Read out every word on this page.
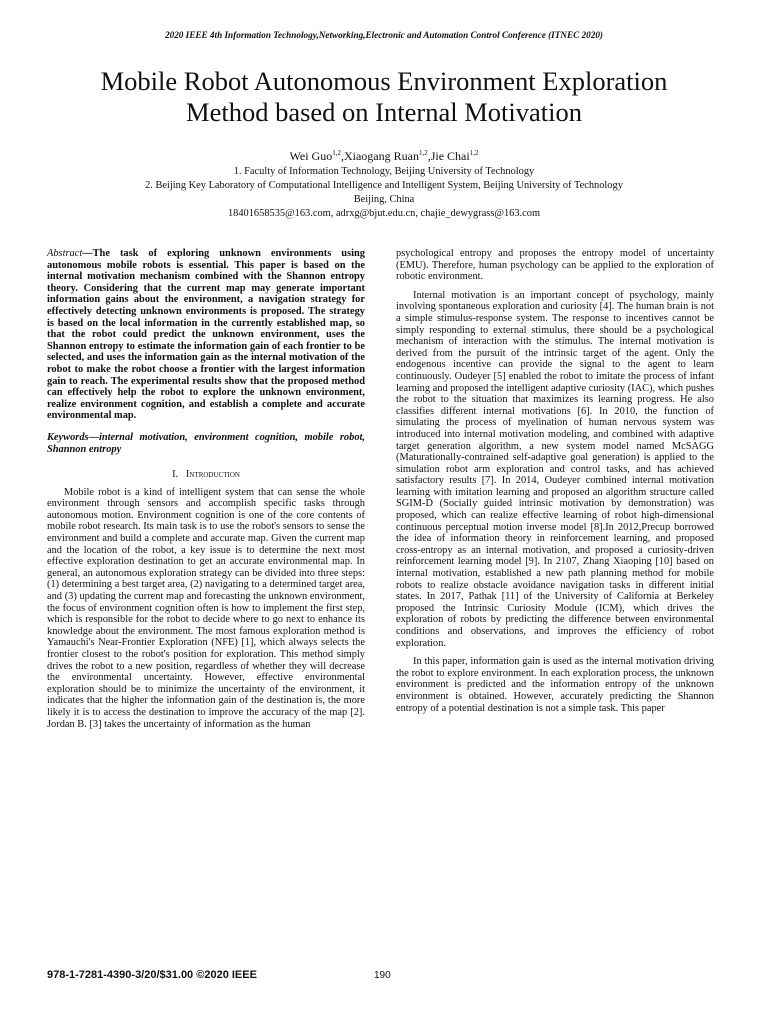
2020 IEEE 4th Information Technology,Networking,Electronic and Automation Control Conference (ITNEC 2020)
Mobile Robot Autonomous Environment Exploration
Method based on Internal Motivation
Wei Guo$^{1,2}$,Xiaogang Ruan$^{1,2}$,Jie Chai$^{1,2}$
1. Faculty of Information Technology, Beijing University of Technology
2. Beijing Key Laboratory of Computational Intelligence and Intelligent System, Beijing University of Technology
Beijing, China
18401658535@163.com, adrxg@bjut.edu.cn, chajie_dewygrass@163.com

Abstract—The task of exploring unknown environments using autonomous mobile robots is essential. This paper is based on the internal motivation mechanism combined with the Shannon entropy theory. Considering that the current map may generate important information gains about the environment, a navigation strategy for effectively detecting unknown environments is proposed. The strategy is based on the local information in the currently established map, so that the robot could predict the unknown environment, uses the Shannon entropy to estimate the information gain of each frontier to be selected, and uses the information gain as the internal motivation of the robot to make the robot choose a frontier with the largest information gain to reach. The experimental results show that the proposed method can effectively help the robot to explore the unknown environment, realize environment cognition, and establish a complete and accurate environmental map.

Keywords—internal motivation, environment cognition, mobile robot, Shannon entropy

I. Introduction

Mobile robot is a kind of intelligent system that can sense the whole environment through sensors and accomplish specific tasks through autonomous motion. Environment cognition is one of the core contents of mobile robot research. Its main task is to use the robot's sensors to sense the environment and build a complete and accurate map. Given the current map and the location of the robot, a key issue is to determine the next most effective exploration destination to get an accurate environmental map. In general, an autonomous exploration strategy can be divided into three steps: (1) determining a best target area, (2) navigating to a determined target area, and (3) updating the current map and forecasting the unknown environment, the focus of environment cognition often is how to implement the first step, which is responsible for the robot to decide where to go next to enhance its knowledge about the environment. The most famous exploration method is Yamauchi's Near-Frontier Exploration (NFE) [1], which always selects the frontier closest to the robot's position for exploration. This method simply drives the robot to a new position, regardless of whether they will decrease the environmental uncertainty. However, effective environmental exploration should be to minimize the uncertainty of the environment, it indicates that the higher the information gain of the destination is, the more likely it is to access the destination to improve the accuracy of the map [2]. Jordan B. [3] takes the uncertainty of information as the human

psychological entropy and proposes the entropy model of uncertainty (EMU). Therefore, human psychology can be applied to the exploration of robotic environment.

Internal motivation is an important concept of psychology, mainly involving spontaneous exploration and curiosity [4]. The human brain is not a simple stimulus-response system. The response to incentives cannot be simply responding to external stimulus, there should be a psychological mechanism of interaction with the stimulus. The internal motivation is derived from the pursuit of the intrinsic target of the agent. Only the endogenous incentive can provide the signal to the agent to learn continuously. Oudeyer [5] enabled the robot to imitate the process of infant learning and proposed the intelligent adaptive curiosity (IAC), which pushes the robot to the situation that maximizes its learning progress. He also classifies different internal motivations [6]. In 2010, the function of simulating the process of myelination of human nervous system was introduced into internal motivation modeling, and combined with adaptive target generation algorithm, a new system model named McSAGG (Maturationally-contrained self-adaptive goal generation) is applied to the simulation robot arm exploration and control tasks, and has achieved satisfactory results [7]. In 2014, Oudeyer combined internal motivation learning with imitation learning and proposed an algorithm structure called SGIM-D (Socially guided intrinsic motivation by demonstration) was proposed, which can realize effective learning of robot high-dimensional continuous perceptual motion inverse model [8].In 2012,Precup borrowed the idea of information theory in reinforcement learning, and proposed cross-entropy as an internal motivation, and proposed a curiosity-driven reinforcement learning model [9]. In 2107, Zhang Xiaoping [10] based on internal motivation, established a new path planning method for mobile robots to realize obstacle avoidance navigation tasks in different initial states. In 2017, Pathak [11] of the University of California at Berkeley proposed the Intrinsic Curiosity Module (ICM), which drives the exploration of robots by predicting the difference between environmental conditions and observations, and improves the efficiency of robot exploration.

In this paper, information gain is used as the internal motivation driving the robot to explore environment. In each exploration process, the unknown environment is predicted and the information entropy of the unknown environment is obtained. However, accurately predicting the Shannon entropy of a potential destination is not a simple task. This paper

978-1-7281-4390-3/20/$31.00 ©2020 IEEE	190
